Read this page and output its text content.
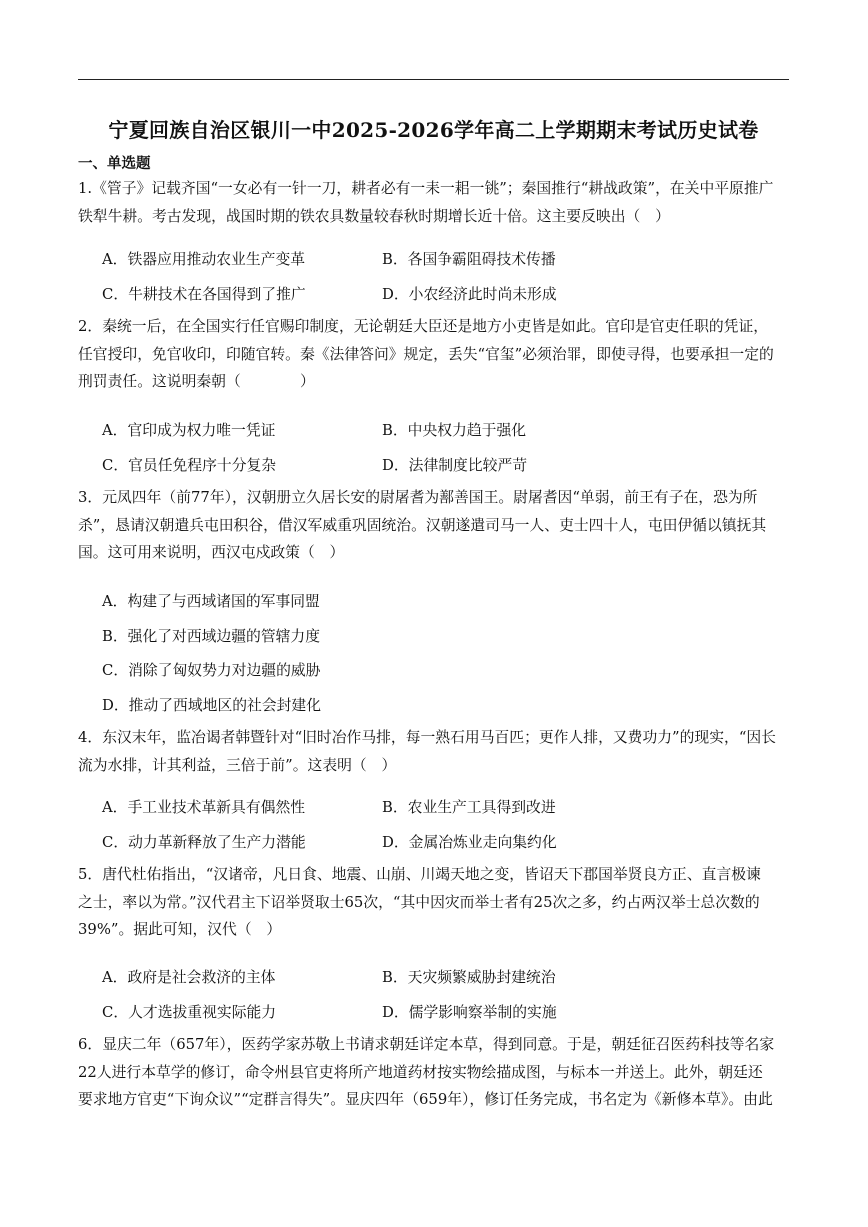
宁夏回族自治区银川一中2025-2026学年高二上学期期末考试历史试卷
一、单选题

1.《管子》记载齐国“一女必有一针一刀，耕者必有一耒一耜一铫”；秦国推行“耕战政策”，在关中平原推广

铁犁牛耕。考古发现，战国时期的铁农具数量较春秋时期增长近十倍。这主要反映出（　）

A．铁器应用推动农业生产变革	B．各国争霸阻碍技术传播
C．牛耕技术在各国得到了推广	D．小农经济此时尚未形成

2．秦统一后，在全国实行任官赐印制度，无论朝廷大臣还是地方小吏皆是如此。官印是官吏任职的凭证，

任官授印，免官收印，印随官转。秦《法律答问》规定，丢失“官玺”必须治罪，即使寻得，也要承担一定的

刑罚责任。这说明秦朝（　　　　）

A．官印成为权力唯一凭证	B．中央权力趋于强化
C．官员任免程序十分复杂	D．法律制度比较严苛

3．元凤四年（前77年），汉朝册立久居长安的尉屠耆为鄯善国王。尉屠耆因“单弱，前王有子在，恐为所

杀”，恳请汉朝遣兵屯田积谷，借汉军威重巩固统治。汉朝遂遣司马一人、吏士四十人，屯田伊循以镇抚其

国。这可用来说明，西汉屯戍政策（　）

A．构建了与西域诸国的军事同盟
B．强化了对西域边疆的管辖力度
C．消除了匈奴势力对边疆的威胁
D．推动了西域地区的社会封建化

4．东汉末年，监冶谒者韩暨针对“旧时冶作马排，每一熟石用马百匹；更作人排，又费功力”的现实，“因长

流为水排，计其利益，三倍于前”。这表明（　）

A．手工业技术革新具有偶然性	B．农业生产工具得到改进
C．动力革新释放了生产力潜能	D．金属冶炼业走向集约化

5．唐代杜佑指出，“汉诸帝，凡日食、地震、山崩、川竭天地之变，皆诏天下郡国举贤良方正、直言极谏

之士，率以为常。”汉代君主下诏举贤取士65次，“其中因灾而举士者有25次之多，约占两汉举士总次数的

39%”。据此可知，汉代（　）

A．政府是社会救济的主体	B．天灾频繁威胁封建统治
C．人才选拔重视实际能力	D．儒学影响察举制的实施

6．显庆二年（657年），医药学家苏敬上书请求朝廷详定本草，得到同意。于是，朝廷征召医药科技等名家

22人进行本草学的修订，命令州县官吏将所产地道药材按实物绘描成图，与标本一并送上。此外，朝廷还

要求地方官吏“下询众议”“定群言得失”。显庆四年（659年），修订任务完成，书名定为《新修本草》。由此
